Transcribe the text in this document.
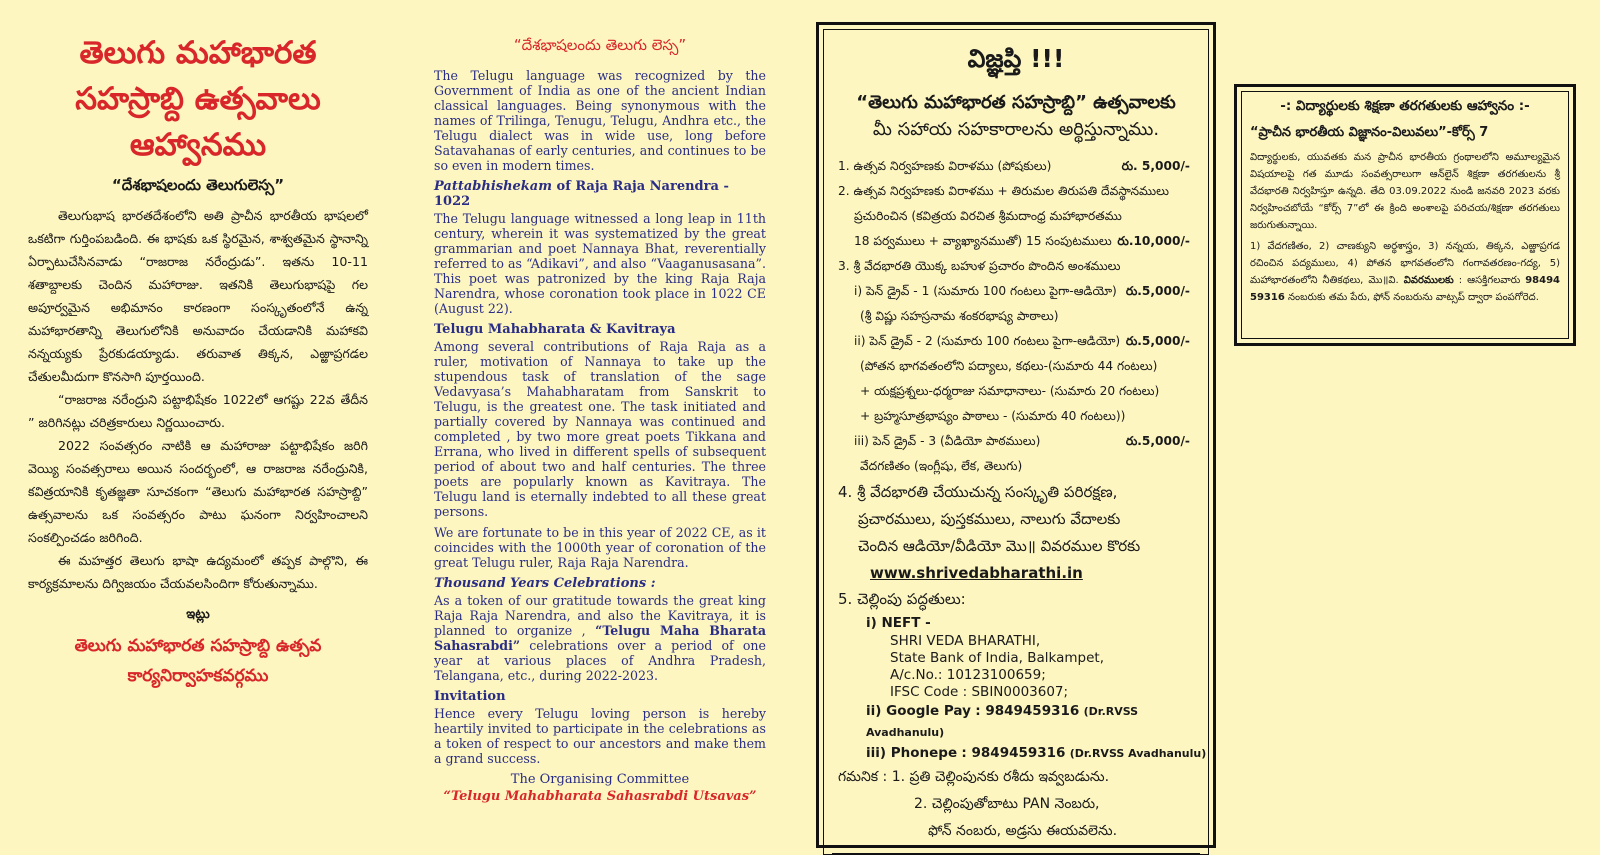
తెలుగు మహాభారత

సహస్రాబ్ది ఉత్సవాలు

ఆహ్వానము

“దేశభాషలందు తెలుగులెస్స”

తెలుగుభాష భారతదేశంలోని అతి ప్రాచీన భారతీయ భాషలలో ఒకటిగా గుర్తింపబడింది. ఈ భాషకు ఒక స్థిరమైన, శాశ్వతమైన స్థానాన్ని ఏర్పాటుచేసినవాడు “రాజరాజ నరేంద్రుడు”. ఇతను 10-11 శతాబ్దాలకు చెందిన మహారాజు. ఇతనికి తెలుగుభాషపై గల అపూర్వమైన అభిమానం కారణంగా సంస్కృతంలోనే ఉన్న మహాభారతాన్ని తెలుగులోనికి అనువాదం చేయడానికి మహాకవి నన్నయ్యకు ప్రేరకుడయ్యాడు. తరువాత తిక్కన, ఎఱ్ఱాప్రగడల చేతులమీదుగా కొనసాగి పూర్తయింది.

“రాజరాజ నరేంద్రుని పట్టాభిషేకం 1022లో ఆగష్టు 22వ తేదీన ” జరిగినట్లు చరిత్రకారులు నిర్ణయించారు.

2022 సంవత్సరం నాటికి ఆ మహారాజు పట్టాభిషేకం జరిగి వెయ్యి సంవత్సరాలు అయిన సందర్భంలో, ఆ రాజరాజ నరేంద్రునికి, కవిత్రయానికి కృతజ్ఞతా సూచకంగా “తెలుగు మహాభారత సహస్రాబ్ది” ఉత్సవాలను ఒక సంవత్సరం పాటు ఘనంగా నిర్వహించాలని సంకల్పించడం జరిగింది.

ఈ మహత్తర తెలుగు భాషా ఉద్యమంలో తప్పక పాల్గొని, ఈ కార్యక్రమాలను దిగ్విజయం చేయవలసిందిగా కోరుతున్నాము.

ఇట్లు

తెలుగు మహాభారత సహస్రాబ్ది ఉత్సవ

కార్యనిర్వాహకవర్గము

“దేశభాషలందు తెలుగు లెస్స”

The Telugu language was recognized by the Government of India as one of the ancient Indian classical languages. Being synonymous with the names of Trilinga, Tenugu, Telugu, Andhra etc., the Telugu dialect was in wide use, long before Satavahanas of early centuries, and continues to be so even in modern times.

Pattabhishekam of Raja Raja Narendra - 1022

The Telugu language witnessed a long leap in 11th century, wherein it was systematized by the great grammarian and poet Nannaya Bhat, reverentially referred to as “Adikavi”, and also “Vaaganusasana”. This poet was patronized by the king Raja Raja Narendra, whose coronation took place in 1022 CE (August 22).

Telugu Mahabharata & Kavitraya

Among several contributions of Raja Raja as a ruler, motivation of Nannaya to take up the stupendous task of translation of the sage Vedavyasa’s Mahabharatam from Sanskrit to Telugu, is the greatest one. The task initiated and partially covered by Nannaya was continued and completed , by two more great poets Tikkana and Errana, who lived in different spells of subsequent period of about two and half centuries. The three poets are popularly known as Kavitraya. The Telugu land is eternally indebted to all these great persons.

We are fortunate to be in this year of 2022 CE, as it coincides with the 1000th year of coronation of the great Telugu ruler, Raja Raja Narendra.

Thousand Years Celebrations :

As a token of our gratitude towards the great king Raja Raja Narendra, and also the Kavitraya, it is planned to organize , “Telugu Maha Bharata Sahasrabdi” celebrations over a period of one year at various places of Andhra Pradesh, Telangana, etc., during 2022-2023.

Invitation

Hence every Telugu loving person is hereby heartily invited to participate in the celebrations as a token of respect to our ancestors and make them a grand success.

The Organising Committee

“Telugu Mahabharata Sahasrabdi Utsavas”

విజ్ఞప్తి !!!

“తెలుగు మహాభారత సహస్రాబ్ది” ఉత్సవాలకు

మీ సహాయ సహకారాలను అర్థిస్తున్నాము.

1. ఉత్సవ నిర్వహణకు విరాళము (పోషకులు)	రు. 5,000/-
2. ఉత్సవ నిర్వహణకు విరాళము + తిరుమల తిరుపతి దేవస్థానములు
ప్రచురించిన (కవిత్రయ విరచిత శ్రీమదాంధ్ర మహాభారతము
18 పర్వములు + వ్యాఖ్యానముతో) 15 సంపుటములు రు.10,000/-
3. శ్రీ వేదభారతి యొక్క బహుళ ప్రచారం పొందిన అంశములు
i) పెన్ డ్రైవ్ - 1 (సుమారు 100 గంటలు పైగా-ఆడియో) రు.5,000/-
(శ్రీ విష్ణు సహస్రనామ శంకరభాష్య పాఠాలు)
ii) పెన్ డ్రైవ్ - 2 (సుమారు 100 గంటలు పైగా-ఆడియో) రు.5,000/-
(పోతన భాగవతంలోని పద్యాలు, కథలు-(సుమారు 44 గంటలు)
+ యక్షప్రశ్నలు-ధర్మరాజు సమాధానాలు- (సుమారు 20 గంటలు)
+ బ్రహ్మసూత్రభాష్యం పాఠాలు - (సుమారు 40 గంటలు))
iii) పెన్ డ్రైవ్ - 3 (వీడియో పాఠములు)	రు.5,000/-
వేదగణితం (ఇంగ్లీషు, లేక, తెలుగు)
4. శ్రీ వేదభారతి చేయుచున్న సంస్కృతి పరిరక్షణ,
ప్రచారములు, పుస్తకములు, నాలుగు వేదాలకు
చెందిన ఆడియో/వీడియో మొ॥ వివరముల కొరకు
www.shrivedabharathi.in
5. చెల్లింపు పద్ధతులు:
i) NEFT -
SHRI VEDA BHARATHI,
State Bank of India, Balkampet,
A/c.No.: 10123100659;
IFSC Code : SBIN0003607;
ii) Google Pay : 9849459316 (Dr.RVSS Avadhanulu)
iii) Phonepe : 9849459316 (Dr.RVSS Avadhanulu)
గమనిక : 1. ప్రతి చెల్లింపునకు రశీదు ఇవ్వబడును.
2. చెల్లింపుతోబాటు PAN నెంబరు,
ఫోన్ నంబరు, అడ్రసు ఈయవలెను.

-: విద్యార్థులకు శిక్షణా తరగతులకు ఆహ్వానం :-

“ప్రాచీన భారతీయ విజ్ఞానం-విలువలు”-కోర్స్ 7

విద్యార్థులకు, యువతకు మన ప్రాచీన భారతీయ గ్రంథాలలోని అమూల్యమైన విషయాలపై గత మూడు సంవత్సరాలుగా ఆన్‌లైన్ శిక్షణా తరగతులను శ్రీ వేదభారతి నిర్వహిస్తూ ఉన్నది. తేది 03.09.2022 నుండి జనవరి 2023 వరకు నిర్వహించబోయే “కోర్స్ 7”లో ఈ క్రింది అంశాలపై పరిచయ/శిక్షణా తరగతులు జరుగుతున్నాయి.

1) వేదగణితం, 2) చాణక్యుని అర్థశాస్త్రం, 3) నన్నయ, తిక్కన, ఎఱ్ఱాప్రగడ రచించిన పద్యములు, 4) పోతన భాగవతంలోని గంగావతరణం-గద్య, 5) మహాభారతంలోని నీతికథలు, మొ॥వి. వివరములకు : ఆసక్తిగలవారు 98494 59316 నంబరుకు తమ పేరు, ఫోన్ నంబరును వాట్సప్ ద్వారా పంపగోరెద.
